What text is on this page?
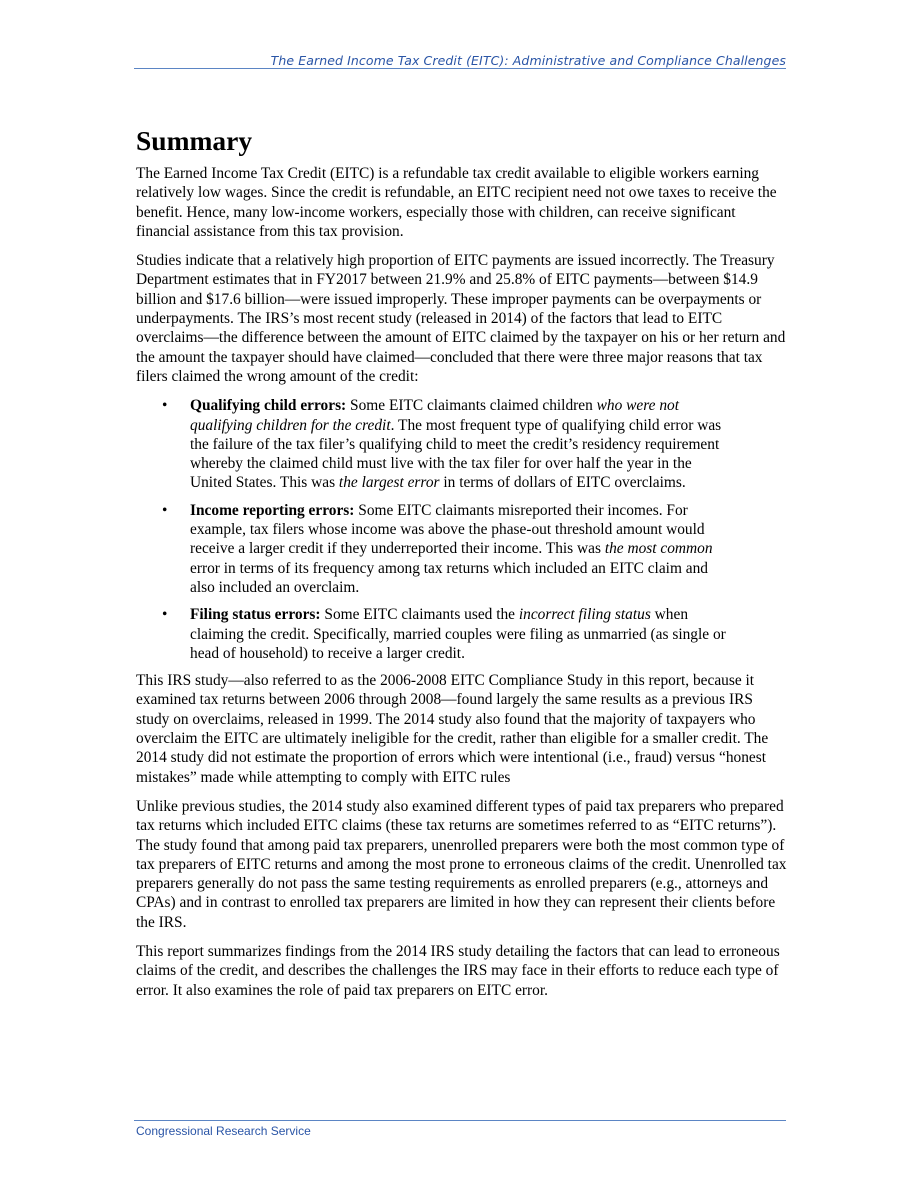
The Earned Income Tax Credit (EITC): Administrative and Compliance Challenges
Summary

The Earned Income Tax Credit (EITC) is a refundable tax credit available to eligible workers earning relatively low wages. Since the credit is refundable, an EITC recipient need not owe taxes to receive the benefit. Hence, many low-income workers, especially those with children, can receive significant financial assistance from this tax provision.

Studies indicate that a relatively high proportion of EITC payments are issued incorrectly. The Treasury Department estimates that in FY2017 between 21.9% and 25.8% of EITC payments—between $14.9 billion and $17.6 billion—were issued improperly. These improper payments can be overpayments or underpayments. The IRS’s most recent study (released in 2014) of the factors that lead to EITC overclaims—the difference between the amount of EITC claimed by the taxpayer on his or her return and the amount the taxpayer should have claimed—concluded that there were three major reasons that tax filers claimed the wrong amount of the credit:

• Qualifying child errors: Some EITC claimants claimed children who were not qualifying children for the credit. The most frequent type of qualifying child error was the failure of the tax filer’s qualifying child to meet the credit’s residency requirement whereby the claimed child must live with the tax filer for over half the year in the United States. This was the largest error in terms of dollars of EITC overclaims.
• Income reporting errors: Some EITC claimants misreported their incomes. For example, tax filers whose income was above the phase-out threshold amount would receive a larger credit if they underreported their income. This was the most common error in terms of its frequency among tax returns which included an EITC claim and also included an overclaim.
• Filing status errors: Some EITC claimants used the incorrect filing status when claiming the credit. Specifically, married couples were filing as unmarried (as single or head of household) to receive a larger credit.

This IRS study—also referred to as the 2006-2008 EITC Compliance Study in this report, because it examined tax returns between 2006 through 2008—found largely the same results as a previous IRS study on overclaims, released in 1999. The 2014 study also found that the majority of taxpayers who overclaim the EITC are ultimately ineligible for the credit, rather than eligible for a smaller credit. The 2014 study did not estimate the proportion of errors which were intentional (i.e., fraud) versus “honest mistakes” made while attempting to comply with EITC rules

Unlike previous studies, the 2014 study also examined different types of paid tax preparers who prepared tax returns which included EITC claims (these tax returns are sometimes referred to as “EITC returns”). The study found that among paid tax preparers, unenrolled preparers were both the most common type of tax preparers of EITC returns and among the most prone to erroneous claims of the credit. Unenrolled tax preparers generally do not pass the same testing requirements as enrolled preparers (e.g., attorneys and CPAs) and in contrast to enrolled tax preparers are limited in how they can represent their clients before the IRS.

This report summarizes findings from the 2014 IRS study detailing the factors that can lead to erroneous claims of the credit, and describes the challenges the IRS may face in their efforts to reduce each type of error. It also examines the role of paid tax preparers on EITC error.

Congressional Research Service
